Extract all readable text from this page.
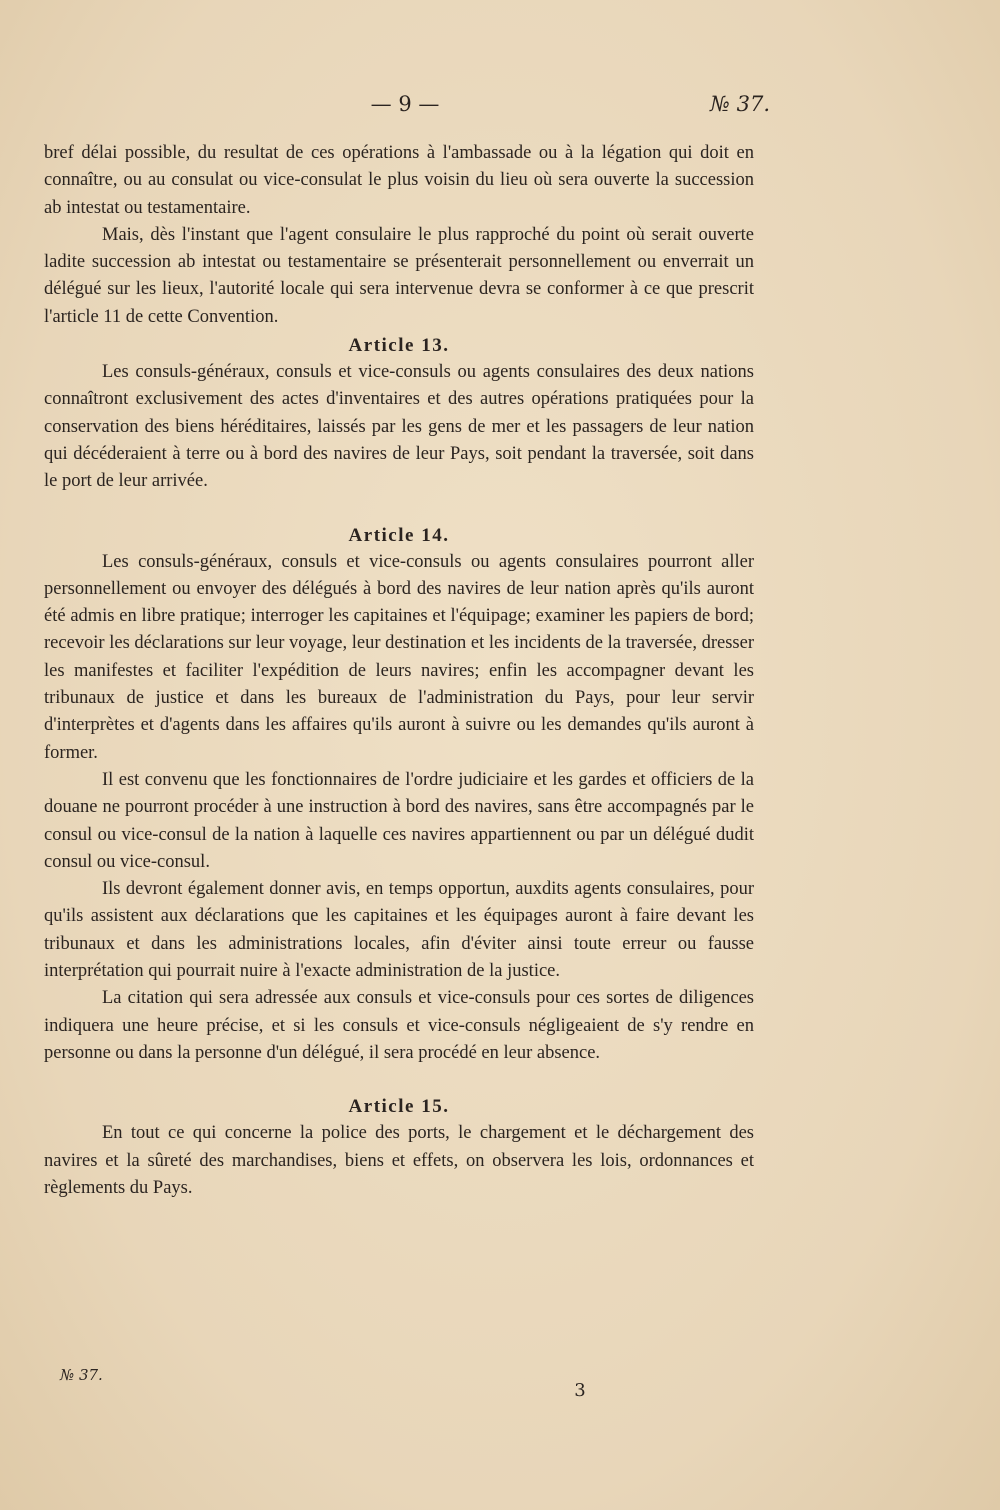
— 9 —	№ 37.

bref délai possible, du resultat de ces opérations à l'ambassade ou à la légation qui doit en connaître, ou au consulat ou vice-consulat le plus voisin du lieu où sera ouverte la succession ab intestat ou testamentaire.

Mais, dès l'instant que l'agent consulaire le plus rapproché du point où serait ouverte ladite succession ab intestat ou testamentaire se présenterait personnellement ou enverrait un délégué sur les lieux, l'autorité locale qui sera intervenue devra se conformer à ce que prescrit l'article 11 de cette Convention.

Article 13.

Les consuls-généraux, consuls et vice-consuls ou agents consulaires des deux nations connaîtront exclusivement des actes d'inventaires et des autres opérations pratiquées pour la conservation des biens héréditaires, laissés par les gens de mer et les passagers de leur nation qui décéderaient à terre ou à bord des navires de leur Pays, soit pendant la traversée, soit dans le port de leur arrivée.

Article 14.

Les consuls-généraux, consuls et vice-consuls ou agents consulaires pourront aller personnellement ou envoyer des délégués à bord des navires de leur nation après qu'ils auront été admis en libre pratique; interroger les capitaines et l'équipage; examiner les papiers de bord; recevoir les déclarations sur leur voyage, leur destination et les incidents de la traversée, dresser les manifestes et faciliter l'expédition de leurs navires; enfin les accompagner devant les tribunaux de justice et dans les bureaux de l'administration du Pays, pour leur servir d'interprètes et d'agents dans les affaires qu'ils auront à suivre ou les demandes qu'ils auront à former.

Il est convenu que les fonctionnaires de l'ordre judiciaire et les gardes et officiers de la douane ne pourront procéder à une instruction à bord des navires, sans être accompagnés par le consul ou vice-consul de la nation à laquelle ces navires appartiennent ou par un délégué dudit consul ou vice-consul.

Ils devront également donner avis, en temps opportun, auxdits agents consulaires, pour qu'ils assistent aux déclarations que les capitaines et les équipages auront à faire devant les tribunaux et dans les administrations locales, afin d'éviter ainsi toute erreur ou fausse interprétation qui pourrait nuire à l'exacte administration de la justice.

La citation qui sera adressée aux consuls et vice-consuls pour ces sortes de diligences indiquera une heure précise, et si les consuls et vice-consuls négligeaient de s'y rendre en personne ou dans la personne d'un délégué, il sera procédé en leur absence.

Article 15.

En tout ce qui concerne la police des ports, le chargement et le déchargement des navires et la sûreté des marchandises, biens et effets, on observera les lois, ordonnances et règlements du Pays.

№ 37.
3
